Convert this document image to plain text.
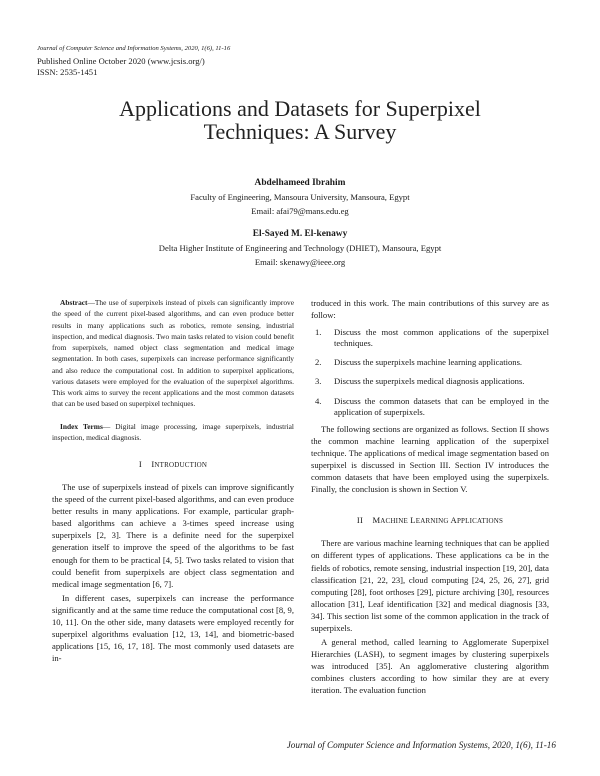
Journal of Computer Science and Information Systems, 2020, 1(6), 11-16
Published Online October 2020 (www.jcsis.org/)
ISSN: 2535-1451
Applications and Datasets for Superpixel
Techniques: A Survey
Abdelhameed Ibrahim
Faculty of Engineering, Mansoura University, Mansoura, Egypt
Email: afai79@mans.edu.eg
El-Sayed M. El-kenawy
Delta Higher Institute of Engineering and Technology (DHIET), Mansoura, Egypt
Email: skenawy@ieee.org

Abstract—The use of superpixels instead of pixels can significantly improve the speed of the current pixel-based algorithms, and can even produce better results in many applications such as robotics, remote sensing, industrial inspection, and medical diagnosis. Two main tasks related to vision could benefit from superpixels, named object class segmentation and medical image segmentation. In both cases, superpixels can increase performance significantly and also reduce the computational cost. In addition to superpixel applications, various datasets were employed for the evaluation of the superpixel algorithms. This work aims to survey the recent applications and the most common datasets that can be used based on superpixel techniques.

Index Terms— Digital image processing, image superpixels, industrial inspection, medical diagnosis.

I INTRODUCTION

The use of superpixels instead of pixels can improve significantly the speed of the current pixel-based algorithms, and can even produce better results in many applications. For example, particular graph-based algorithms can achieve a 3-times speed increase using superpixels [2, 3]. There is a definite need for the superpixel generation itself to improve the speed of the algorithms to be fast enough for them to be practical [4, 5]. Two tasks related to vision that could benefit from superpixels are object class segmentation and medical image segmentation [6, 7].

In different cases, superpixels can increase the performance significantly and at the same time reduce the computational cost [8, 9, 10, 11]. On the other side, many datasets were employed recently for superpixel algorithms evaluation [12, 13, 14], and biometric-based applications [15, 16, 17, 18]. The most commonly used datasets are in-

troduced in this work. The main contributions of this survey are as follow:

1. Discuss the most common applications of the superpixel techniques.
2. Discuss the superpixels machine learning applications.
3. Discuss the superpixels medical diagnosis applications.
4. Discuss the common datasets that can be employed in the application of superpixels.

The following sections are organized as follows. Section II shows the common machine learning application of the superpixel technique. The applications of medical image segmentation based on superpixel is discussed in Section III. Section IV introduces the common datasets that have been employed using the superpixels. Finally, the conclusion is shown in Section V.

II MACHINE LEARNING APPLICATIONS

There are various machine learning techniques that can be applied on different types of applications. These applications ca be in the fields of robotics, remote sensing, industrial inspection [19, 20], data classification [21, 22, 23], cloud computing [24, 25, 26, 27], grid computing [28], foot orthoses [29], picture archiving [30], resources allocation [31], Leaf identification [32] and medical diagnosis [33, 34]. This section list some of the common application in the track of superpixels.

A general method, called learning to Agglomerate Superpixel Hierarchies (LASH), to segment images by clustering superpixels was introduced [35]. An agglomerative clustering algorithm combines clusters according to how similar they are at every iteration. The evaluation function

Journal of Computer Science and Information Systems, 2020, 1(6), 11-16
